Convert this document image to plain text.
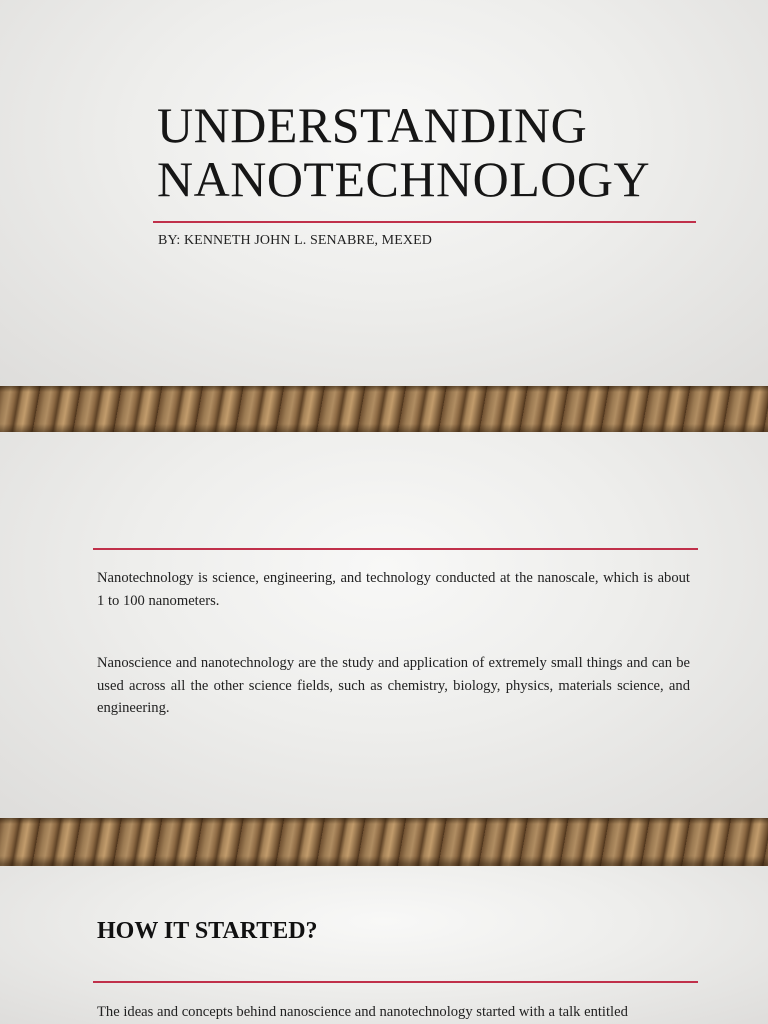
UNDERSTANDING
NANOTECHNOLOGY
BY: KENNETH JOHN L. SENABRE, MEXED

Nanotechnology is science, engineering, and technology conducted at the nanoscale, which is about 1 to 100 nanometers.

Nanoscience and nanotechnology are the study and application of extremely small things and can be used across all the other science fields, such as chemistry, biology, physics, materials science, and engineering.

HOW IT STARTED?

The ideas and concepts behind nanoscience and nanotechnology started with a talk entitled
